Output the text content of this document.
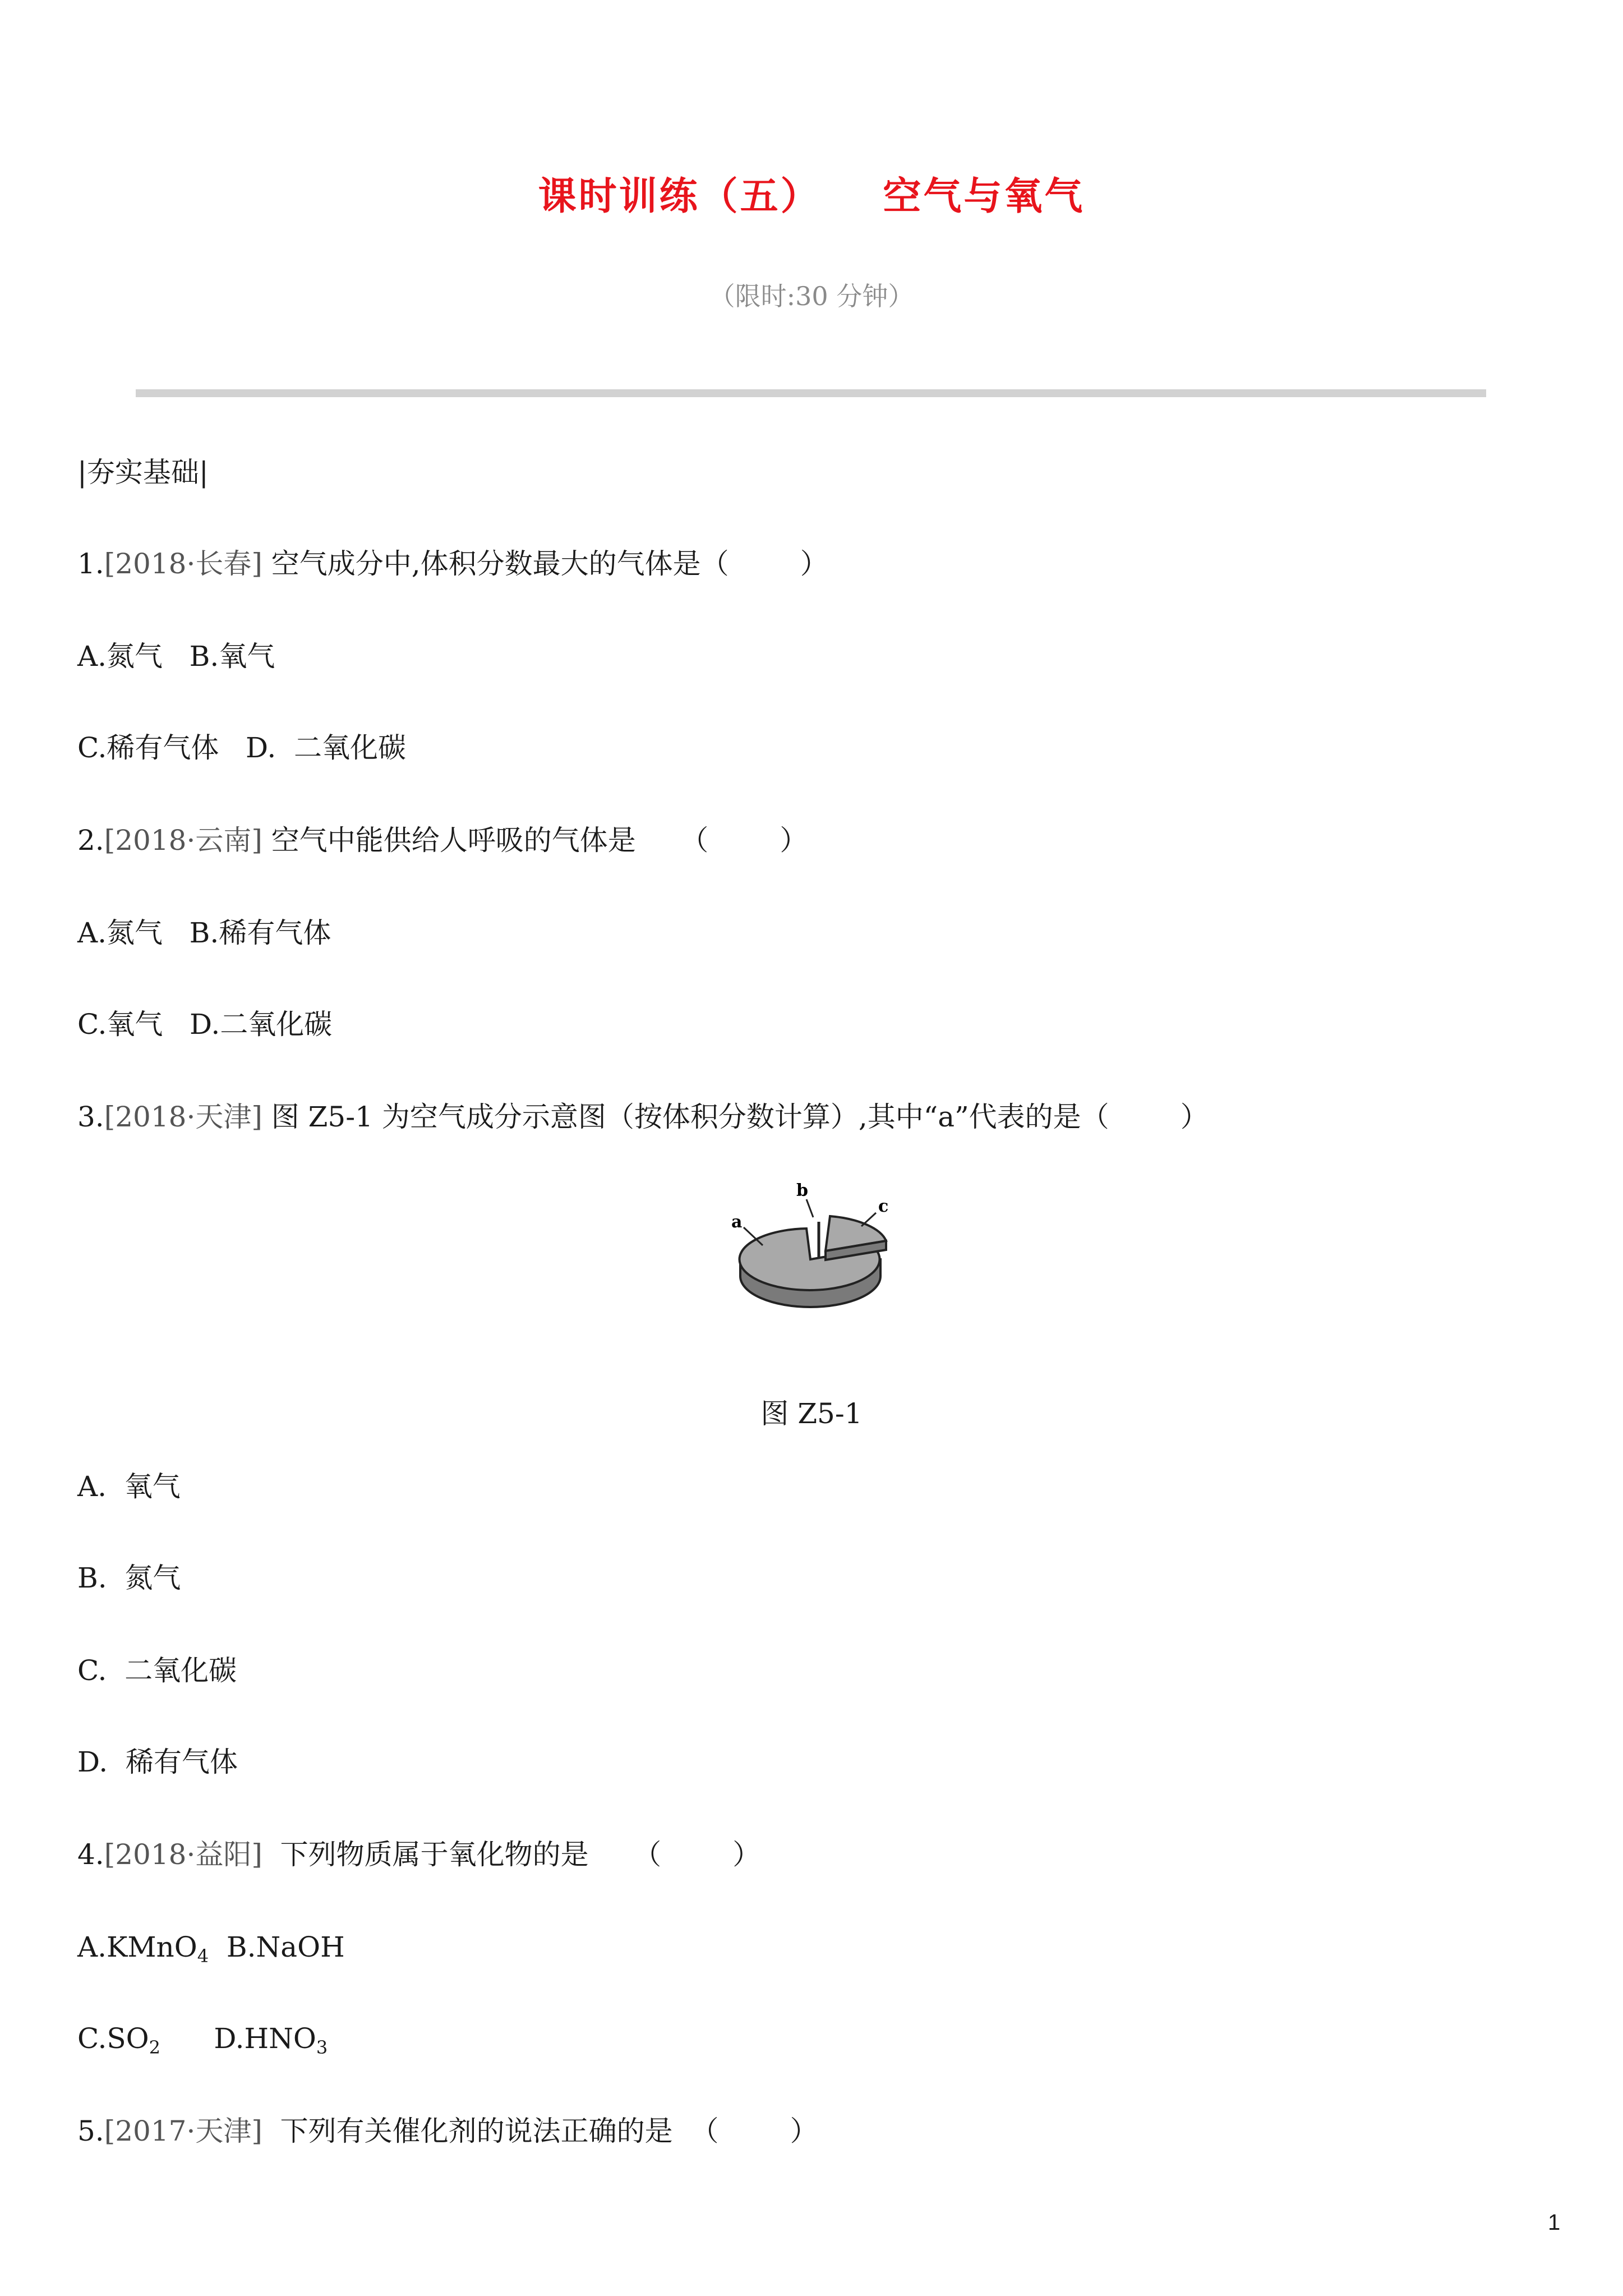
课时训练（五）    空气与氧气
（限时:30 分钟）
|夯实基础|
1.[2018·长春] 空气成分中,体积分数最大的气体是（        ）
A.氮气   B.氧气
C.稀有气体   D.  二氧化碳
2.[2018·云南] 空气中能供给人呼吸的气体是     （        ）
A.氮气   B.稀有气体
C.氧气   D.二氧化碳
3.[2018·天津] 图 Z5-1 为空气成分示意图（按体积分数计算）,其中“a”代表的是（        ）
a
b
c
图 Z5-1
A.  氧气
B.  氮气
C.  二氧化碳
D.  稀有气体
4.[2018·益阳]  下列物质属于氧化物的是     （        ）
A.KMnO$_4$  B.NaOH
$C.SO_2$      $D.HNO_3$
5.[2017·天津]  下列有关催化剂的说法正确的是  （        ）
1
